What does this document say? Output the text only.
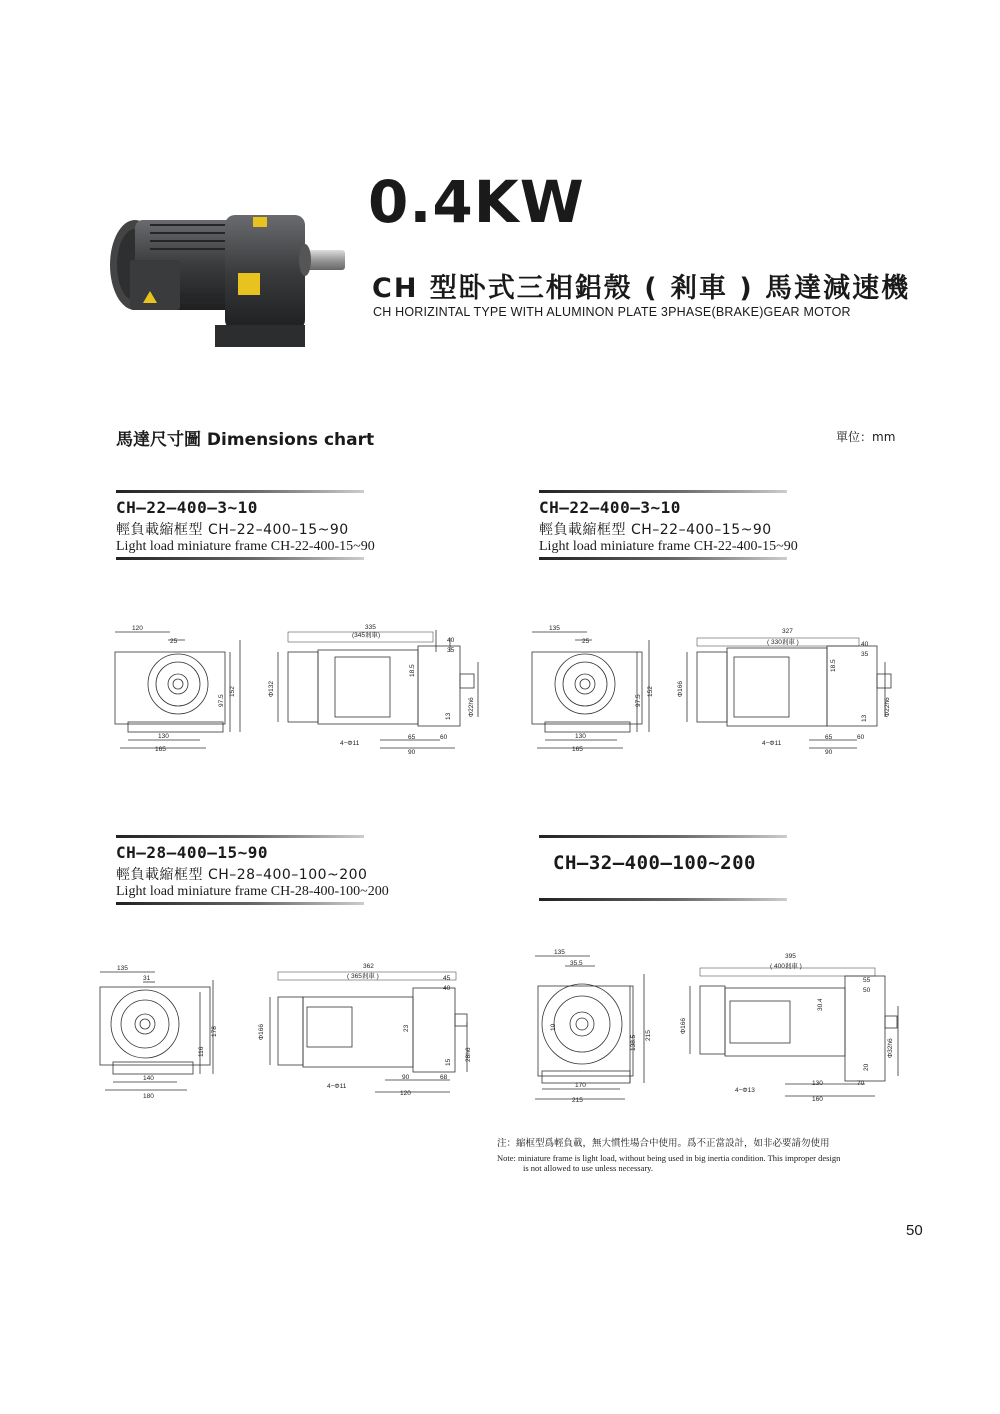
0.4KW
CH 型卧式三相鋁殼 ( 剎車 ) 馬達減速機
CH HORIZINTAL TYPE WITH ALUMINON PLATE 3PHASE(BRAKE)GEAR MOTOR
馬達尺寸圖 Dimensions chart	單位：mm
CH–22–400–3~10
輕負載縮框型 CH–22–400–15~90
Light load miniature frame CH-22-400-15~90
CH–22–400–3~10
輕負載縮框型 CH–22–400–15~90
Light load miniature frame CH-22-400-15~90
CH–28–400–15~90
輕負載縮框型 CH–28–400–100~200
Light load miniature frame CH-28-400-100~200
CH–32–400–100~200
120
25
97.5
152
130
165
335
(345剎車)
40
35
Φ132
18.5
13 Φ22h6
4−Φ11
65	60
90
135
25
97.5
152
130
165
327
( 330剎車 )	40
35
Φ166
18.5
13
Φ22h6
4−Φ11
65	60
90
135
31
116
178
140
180
362
( 365剎車 )	45
40
Φ166	23
15
28h6
4−Φ11
90	68
120
135
35.5
10
138.5 215
170
215
395
( 400剎車 )
55
50
Φ166
30.4
20
Φ32h6
4−Φ13
130	70
160
注：縮框型爲輕負載，無大慣性場合中使用。爲不正當設計，如非必要請勿使用
Note: miniature frame is light load, without being used in big inertia condition. This improper design
is not allowed to use unless necessary.
50
